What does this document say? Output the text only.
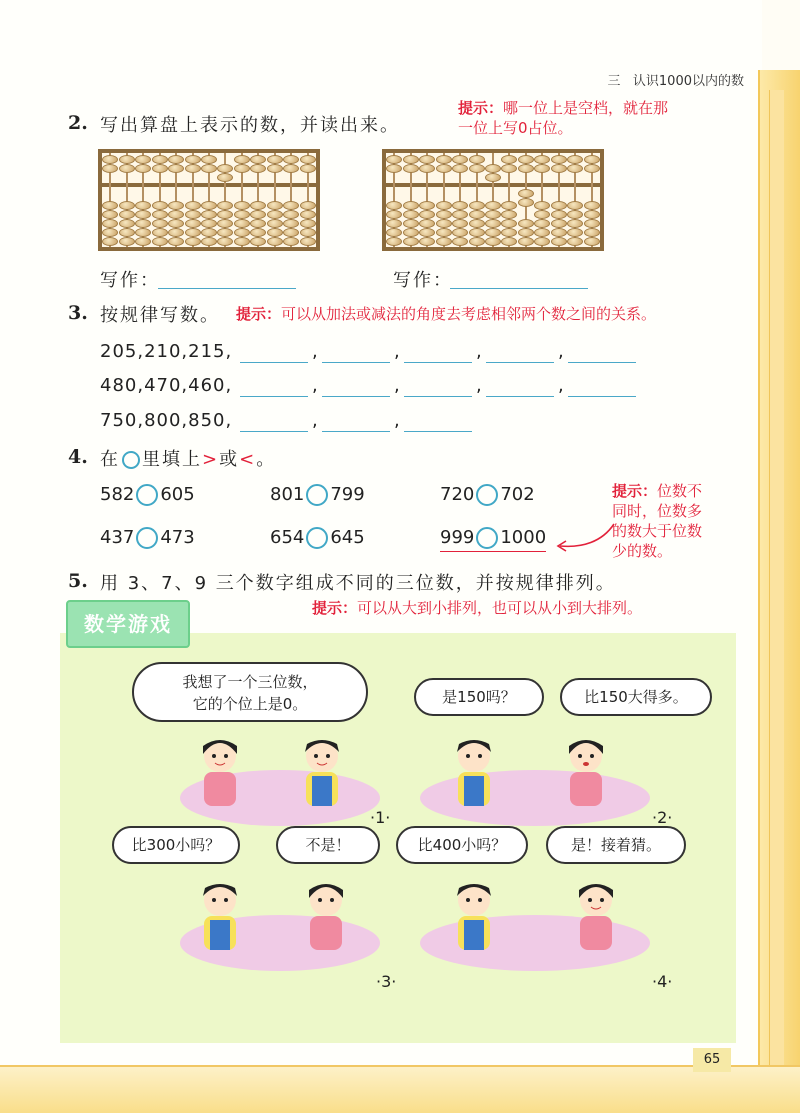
三 认识1000以内的数
2. 写出算盘上表示的数，并读出来。
提示：哪一位上是空档，就在那
一位上写0占位。
写作：	写作：
3. 按规律写数。 提示：可以从加法或减法的角度去考虑相邻两个数之间的关系。
205,210,215,	,	,	,	,
480,470,460,	,	,	,	,
750,800,850,	,	,
4. 在 里填上>或<。
582 605	801 799	720 702
437 473	654 645	999 1000
提示：位数不
同时，位数多
的数大于位数
少的数。
5. 用 3、7、9 三个数字组成不同的三位数，并按规律排列。
提示：可以从大到小排列，也可以从小到大排列。
数学游戏
我想了一个三位数，
它的个位上是0。	是150吗？	比150大得多。
比300小吗？	不是！	比400小吗？	是！接着猜。
·1·	·2·
·3·	·4·
65
